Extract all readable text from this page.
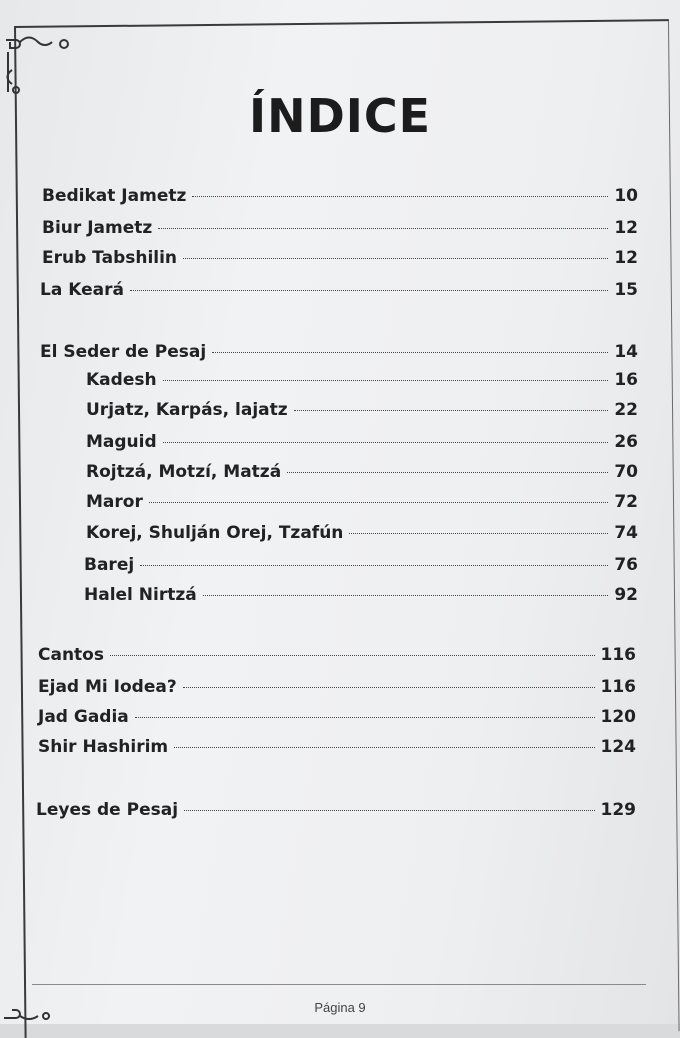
ÍNDICE
Bedikat Jametz	10
Biur Jametz	12
Erub Tabshilin	12
La Keará	15
El Seder de Pesaj	14
Kadesh	16
Urjatz, Karpás, lajatz	22
Maguid	26
Rojtzá, Motzí, Matzá	70
Maror	72
Korej, Shulján Orej, Tzafún	74
Barej	76
Halel Nirtzá	92
Cantos	116
Ejad Mi Iodea?	116
Jad Gadia	120
Shir Hashirim	124
Leyes de Pesaj	129
Página 9
